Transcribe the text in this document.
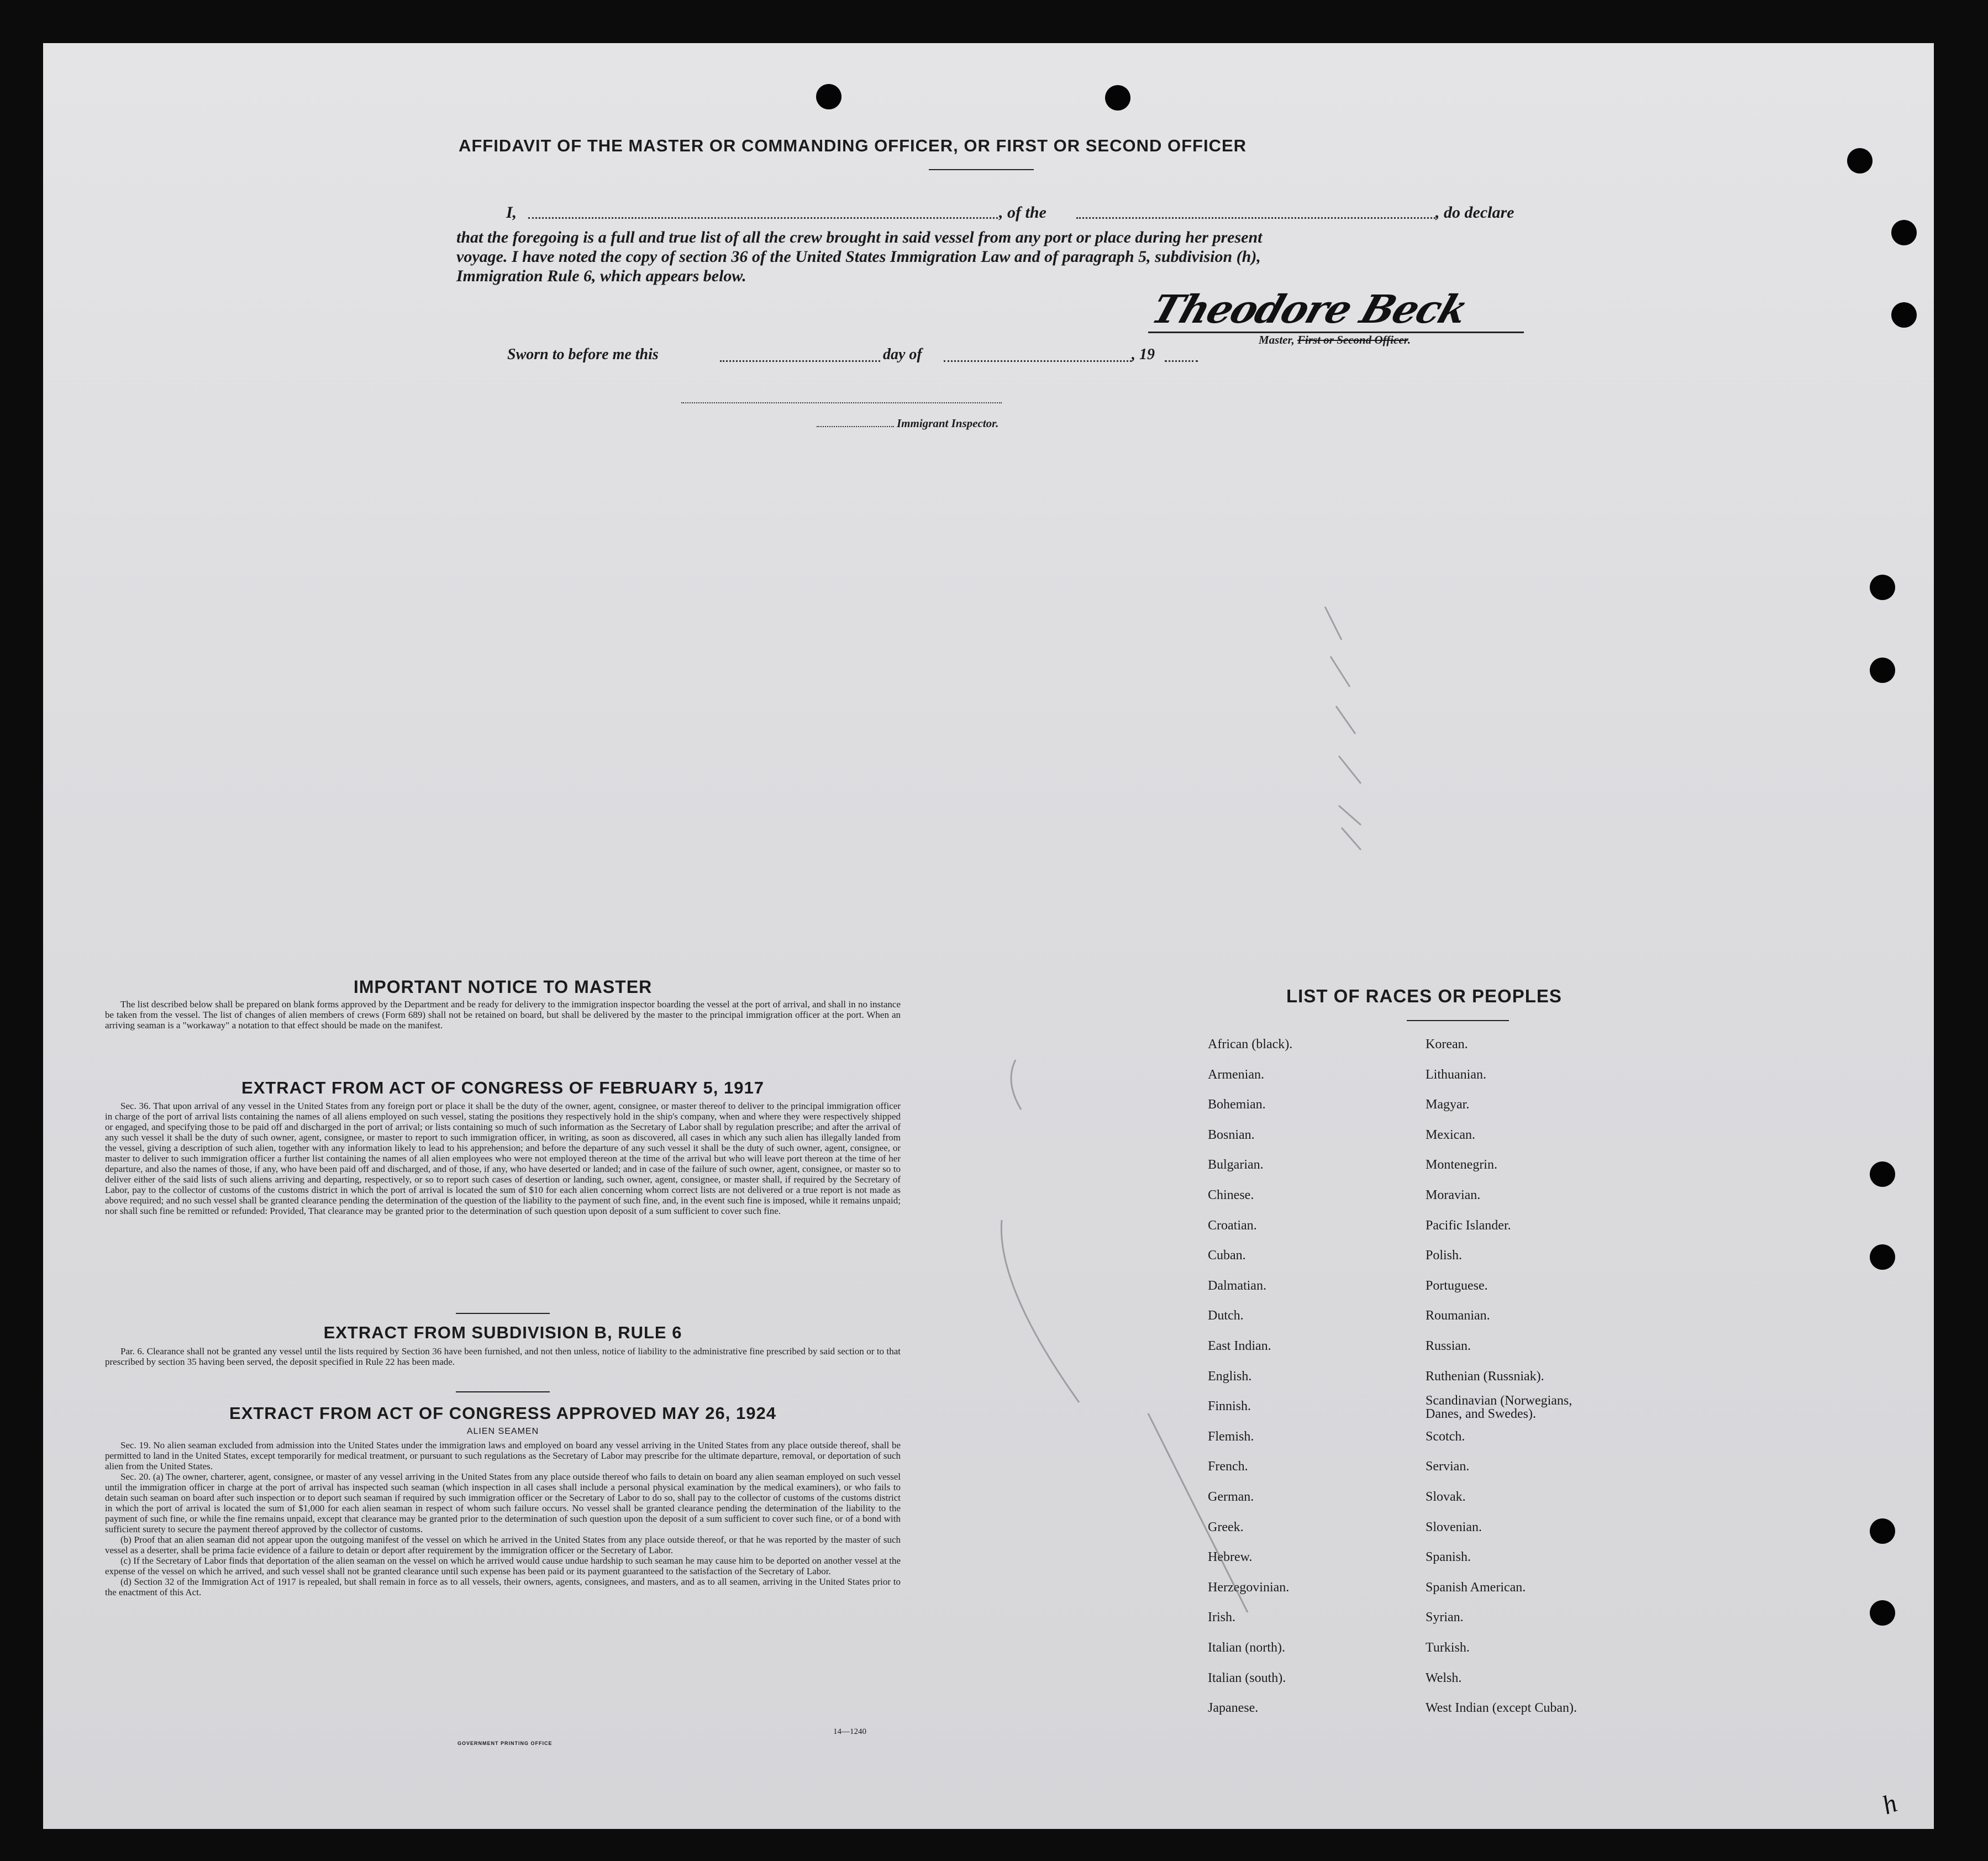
AFFIDAVIT OF THE MASTER OR COMMANDING OFFICER, OR FIRST OR SECOND OFFICER
I,	, of the	, do declare
that the foregoing is a full and true list of all the crew brought in said vessel from any port or place during her present
voyage. I have noted the copy of section 36 of the United States Immigration Law and of paragraph 5, subdivision (h),
Immigration Rule 6, which appears below.
Theodore Beck
Master, First or Second Officer.
Sworn to before me this	day of	, 19
Immigrant Inspector.
IMPORTANT NOTICE TO MASTER

The list described below shall be prepared on blank forms approved by the Department and be ready for delivery to the immigration inspector boarding the vessel at the port of arrival, and shall in no instance be taken from the vessel. The list of changes of alien members of crews (Form 689) shall not be retained on board, but shall be delivered by the master to the principal immigration officer at the port. When an arriving seaman is a "workaway" a notation to that effect should be made on the manifest.

EXTRACT FROM ACT OF CONGRESS OF FEBRUARY 5, 1917

Sec. 36. That upon arrival of any vessel in the United States from any foreign port or place it shall be the duty of the owner, agent, consignee, or master thereof to deliver to the principal immigration officer in charge of the port of arrival lists containing the names of all aliens employed on such vessel, stating the positions they respectively hold in the ship's company, when and where they were respectively shipped or engaged, and specifying those to be paid off and discharged in the port of arrival; or lists containing so much of such information as the Secretary of Labor shall by regulation prescribe; and after the arrival of any such vessel it shall be the duty of such owner, agent, consignee, or master to report to such immigration officer, in writing, as soon as discovered, all cases in which any such alien has illegally landed from the vessel, giving a description of such alien, together with any information likely to lead to his apprehension; and before the departure of any such vessel it shall be the duty of such owner, agent, consignee, or master to deliver to such immigration officer a further list containing the names of all alien employees who were not employed thereon at the time of the arrival but who will leave port thereon at the time of her departure, and also the names of those, if any, who have been paid off and discharged, and of those, if any, who have deserted or landed; and in case of the failure of such owner, agent, consignee, or master so to deliver either of the said lists of such aliens arriving and departing, respectively, or so to report such cases of desertion or landing, such owner, agent, consignee, or master shall, if required by the Secretary of Labor, pay to the collector of customs of the customs district in which the port of arrival is located the sum of $10 for each alien concerning whom correct lists are not delivered or a true report is not made as above required; and no such vessel shall be granted clearance pending the determination of the question of the liability to the payment of such fine, and, in the event such fine is imposed, while it remains unpaid; nor shall such fine be remitted or refunded: Provided, That clearance may be granted prior to the determination of such question upon deposit of a sum sufficient to cover such fine.

EXTRACT FROM SUBDIVISION B, RULE 6

Par. 6. Clearance shall not be granted any vessel until the lists required by Section 36 have been furnished, and not then unless, notice of liability to the administrative fine prescribed by said section or to that prescribed by section 35 having been served, the deposit specified in Rule 22 has been made.

EXTRACT FROM ACT OF CONGRESS APPROVED MAY 26, 1924
ALIEN SEAMEN

Sec. 19. No alien seaman excluded from admission into the United States under the immigration laws and employed on board any vessel arriving in the United States from any place outside thereof, shall be permitted to land in the United States, except temporarily for medical treatment, or pursuant to such regulations as the Secretary of Labor may prescribe for the ultimate departure, removal, or deportation of such alien from the United States.

Sec. 20. (a) The owner, charterer, agent, consignee, or master of any vessel arriving in the United States from any place outside thereof who fails to detain on board any alien seaman employed on such vessel until the immigration officer in charge at the port of arrival has inspected such seaman (which inspection in all cases shall include a personal physical examination by the medical examiners), or who fails to detain such seaman on board after such inspection or to deport such seaman if required by such immigration officer or the Secretary of Labor to do so, shall pay to the collector of customs of the customs district in which the port of arrival is located the sum of $1,000 for each alien seaman in respect of whom such failure occurs. No vessel shall be granted clearance pending the determination of the liability to the payment of such fine, or while the fine remains unpaid, except that clearance may be granted prior to the determination of such question upon the deposit of a sum sufficient to cover such fine, or of a bond with sufficient surety to secure the payment thereof approved by the collector of customs.

(b) Proof that an alien seaman did not appear upon the outgoing manifest of the vessel on which he arrived in the United States from any place outside thereof, or that he was reported by the master of such vessel as a deserter, shall be prima facie evidence of a failure to detain or deport after requirement by the immigration officer or the Secretary of Labor.

(c) If the Secretary of Labor finds that deportation of the alien seaman on the vessel on which he arrived would cause undue hardship to such seaman he may cause him to be deported on another vessel at the expense of the vessel on which he arrived, and such vessel shall not be granted clearance until such expense has been paid or its payment guaranteed to the satisfaction of the Secretary of Labor.

(d) Section 32 of the Immigration Act of 1917 is repealed, but shall remain in force as to all vessels, their owners, agents, consignees, and masters, and as to all seamen, arriving in the United States prior to the enactment of this Act.

14—1240
GOVERNMENT PRINTING OFFICE
LIST OF RACES OR PEOPLES
African (black).
Armenian.
Bohemian.
Bosnian.
Bulgarian.
Chinese.
Croatian.
Cuban.
Dalmatian.
Dutch.
East Indian.
English.
Finnish.
Flemish.
French.
German.
Greek.
Hebrew.
Herzegovinian.
Irish.
Italian (north).
Italian (south).
Japanese.
Korean.
Lithuanian.
Magyar.
Mexican.
Montenegrin.
Moravian.
Pacific Islander.
Polish.
Portuguese.
Roumanian.
Russian.
Ruthenian (Russniak).
Scandinavian (Norwegians,
Danes, and Swedes).
Scotch.
Servian.
Slovak.
Slovenian.
Spanish.
Spanish American.
Syrian.
Turkish.
Welsh.
West Indian (except Cuban).
h
